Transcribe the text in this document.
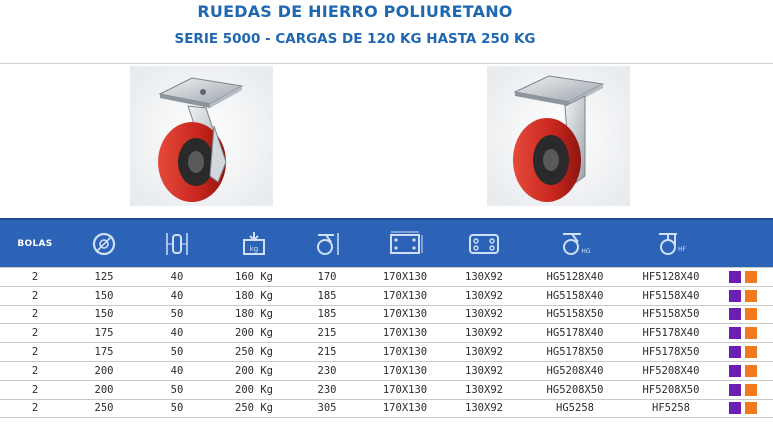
RUEDAS DE HIERRO POLIURETANO
SERIE 5000 - CARGAS DE 120 KG HASTA 250 KG
BOLAS	kg	HG	HF
2	125	40	160 Kg	170	170X130	130X92	HG5128X40	HF5128X40
2	150	40	180 Kg	185	170X130	130X92	HG5158X40	HF5158X40
2	150	50	180 Kg	185	170X130	130X92	HG5158X50	HF5158X50
2	175	40	200 Kg	215	170X130	130X92	HG5178X40	HF5178X40
2	175	50	250 Kg	215	170X130	130X92	HG5178X50	HF5178X50
2	200	40	200 Kg	230	170X130	130X92	HG5208X40	HF5208X40
2	200	50	200 Kg	230	170X130	130X92	HG5208X50	HF5208X50
2	250	50	250 Kg	305	170X130	130X92	HG5258	HF5258
